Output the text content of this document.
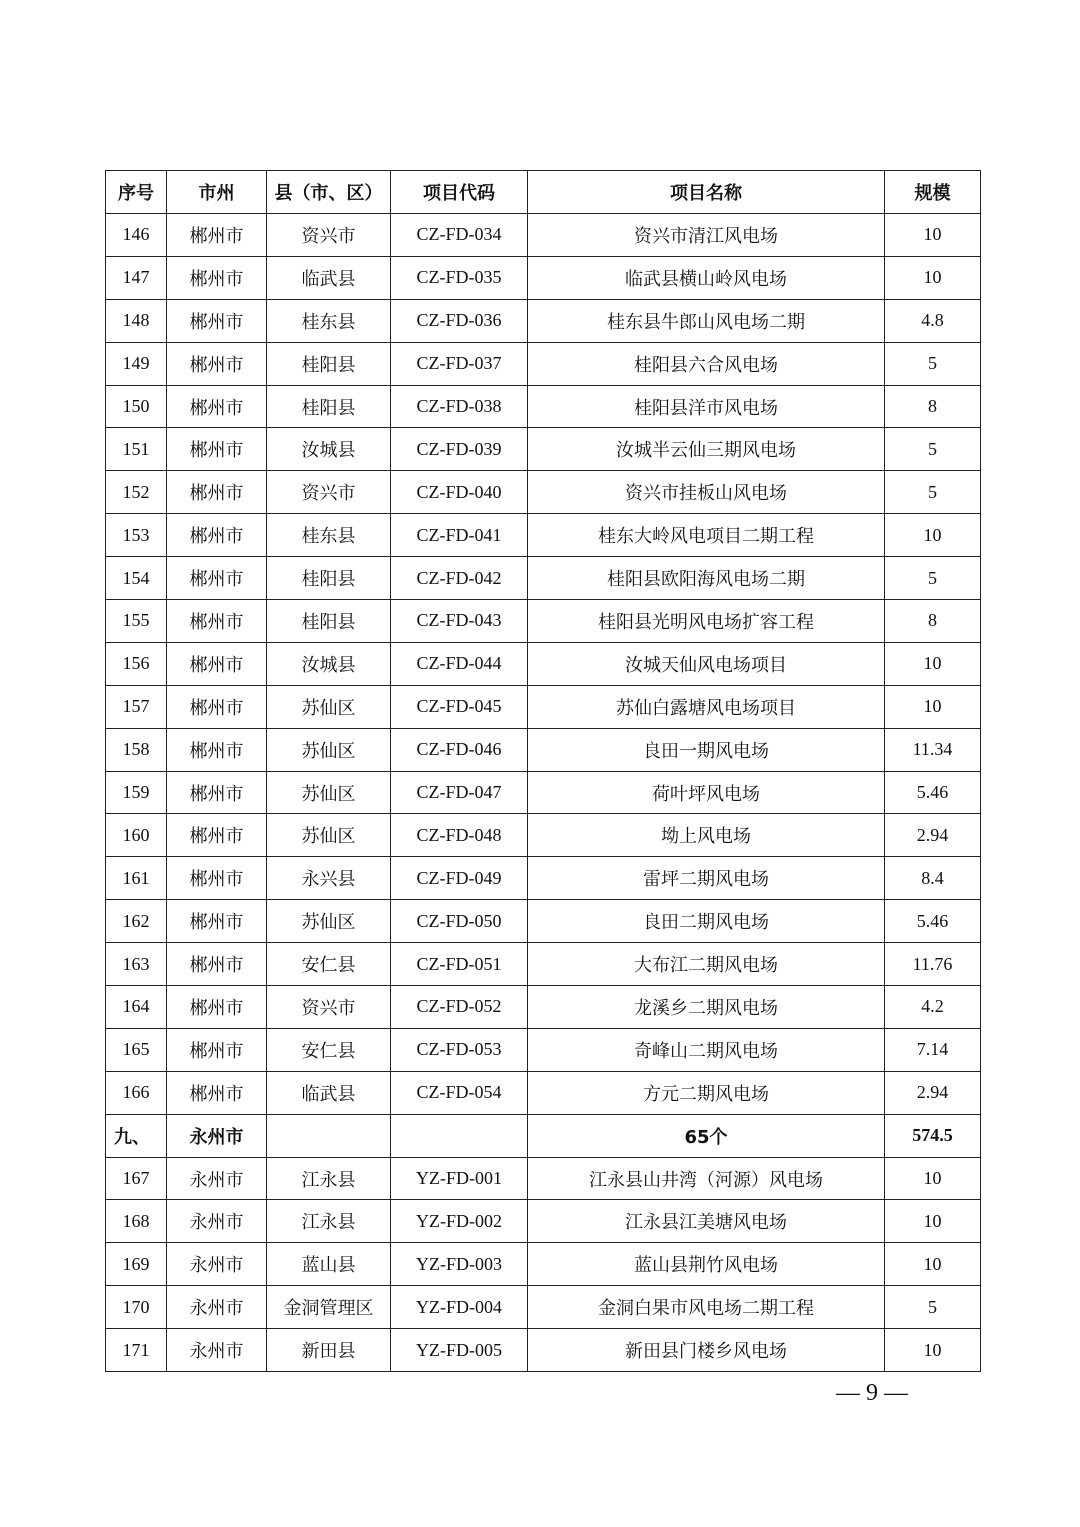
序号	市州	县（市、区）	项目代码	项目名称	规模
146	郴州市	资兴市	CZ-FD-034	资兴市清江风电场	10
147	郴州市	临武县	CZ-FD-035	临武县横山岭风电场	10
148	郴州市	桂东县	CZ-FD-036	桂东县牛郎山风电场二期	4.8
149	郴州市	桂阳县	CZ-FD-037	桂阳县六合风电场	5
150	郴州市	桂阳县	CZ-FD-038	桂阳县洋市风电场	8
151	郴州市	汝城县	CZ-FD-039	汝城半云仙三期风电场	5
152	郴州市	资兴市	CZ-FD-040	资兴市挂板山风电场	5
153	郴州市	桂东县	CZ-FD-041	桂东大岭风电项目二期工程	10
154	郴州市	桂阳县	CZ-FD-042	桂阳县欧阳海风电场二期	5
155	郴州市	桂阳县	CZ-FD-043	桂阳县光明风电场扩容工程	8
156	郴州市	汝城县	CZ-FD-044	汝城天仙风电场项目	10
157	郴州市	苏仙区	CZ-FD-045	苏仙白露塘风电场项目	10
158	郴州市	苏仙区	CZ-FD-046	良田一期风电场	11.34
159	郴州市	苏仙区	CZ-FD-047	荷叶坪风电场	5.46
160	郴州市	苏仙区	CZ-FD-048	坳上风电场	2.94
161	郴州市	永兴县	CZ-FD-049	雷坪二期风电场	8.4
162	郴州市	苏仙区	CZ-FD-050	良田二期风电场	5.46
163	郴州市	安仁县	CZ-FD-051	大布江二期风电场	11.76
164	郴州市	资兴市	CZ-FD-052	龙溪乡二期风电场	4.2
165	郴州市	安仁县	CZ-FD-053	奇峰山二期风电场	7.14
166	郴州市	临武县	CZ-FD-054	方元二期风电场	2.94
九、	永州市			65个	574.5
167	永州市	江永县	YZ-FD-001	江永县山井湾（河源）风电场	10
168	永州市	江永县	YZ-FD-002	江永县江美塘风电场	10
169	永州市	蓝山县	YZ-FD-003	蓝山县荆竹风电场	10
170	永州市	金洞管理区	YZ-FD-004	金洞白果市风电场二期工程	5
171	永州市	新田县	YZ-FD-005	新田县门楼乡风电场	10
— 9 —
